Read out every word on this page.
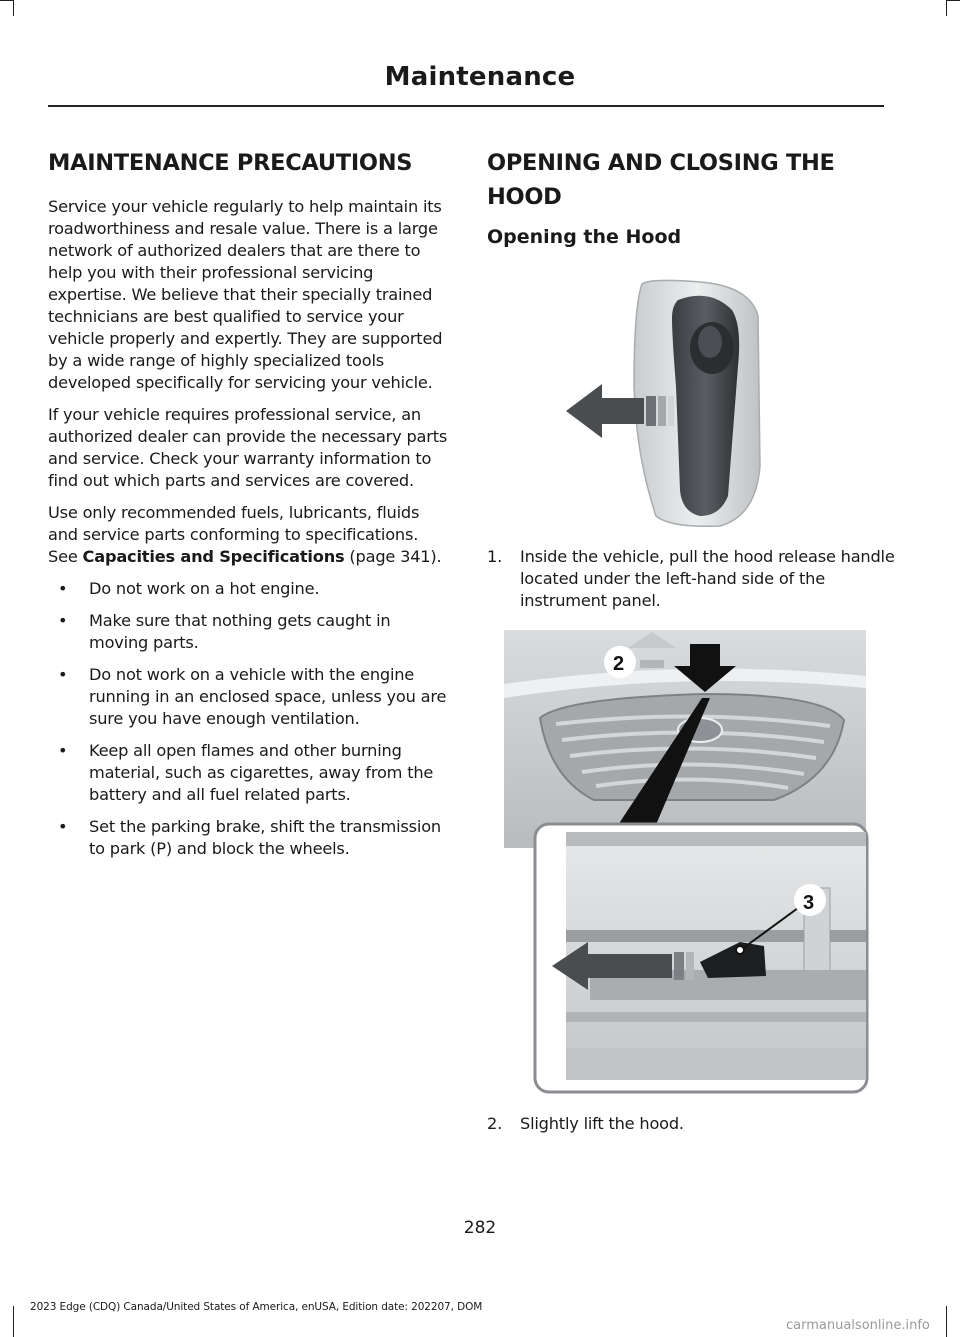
Maintenance
MAINTENANCE PRECAUTIONS

Service your vehicle regularly to help maintain its roadworthiness and resale value. There is a large network of authorized dealers that are there to help you with their professional servicing expertise. We believe that their specially trained technicians are best qualified to service your vehicle properly and expertly. They are supported by a wide range of highly specialized tools developed specifically for servicing your vehicle.

If your vehicle requires professional service, an authorized dealer can provide the necessary parts and service. Check your warranty information to find out which parts and services are covered.

Use only recommended fuels, lubricants, fluids and service parts conforming to specifications. See Capacities and Specifications (page 341).

• Do not work on a hot engine.
• Make sure that nothing gets caught in moving parts.
• Do not work on a vehicle with the engine running in an enclosed space, unless you are sure you have enough ventilation.
• Keep all open flames and other burning material, such as cigarettes, away from the battery and all fuel related parts.
• Set the parking brake, shift the transmission to park (P) and block the wheels.
OPENING AND CLOSING THE
HOOD
Opening the Hood
1. Inside the vehicle, pull the hood release handle located under the left-hand side of the instrument panel.
2
3
2. Slightly lift the hood.
282
2023 Edge (CDQ) Canada/United States of America, enUSA, Edition date: 202207, DOM
carmanualsonline.info
